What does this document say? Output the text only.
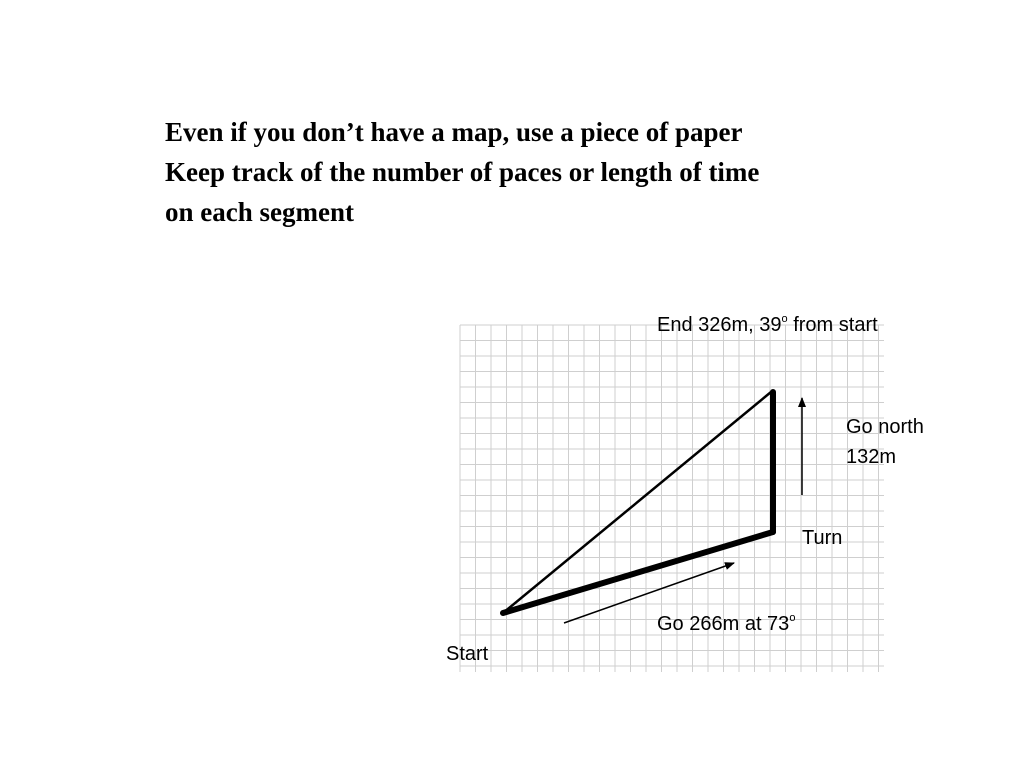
Even if you don’t have a map, use a piece of paper
Keep track of the number of paces or length of time
on each segment
End 326m, 39$^o$ from start
Go north
132m
Turn
Go 266m at 73$^o$
Start
